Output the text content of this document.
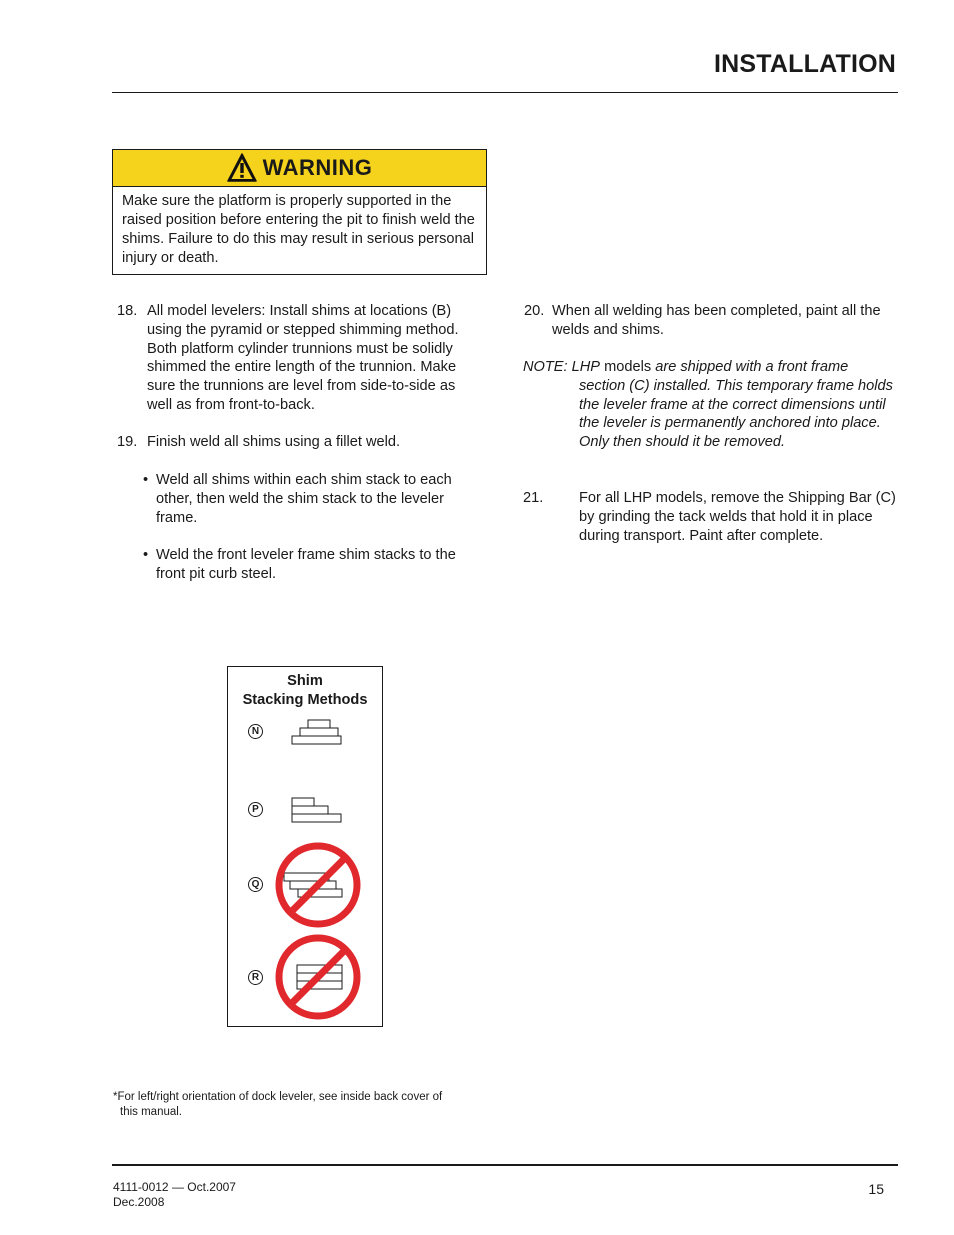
INSTALLATION
WARNING
Make sure the platform is properly supported in the raised position before entering the pit to finish weld the shims. Failure to do this may result in serious personal injury or death.
18. All model levelers: Install shims at locations (B) using the pyramid or stepped shimming method. Both platform cylinder trunnions must be solidly shimmed the entire length of the trunnion. Make sure the trunnions are level from side-to-side as well as from front-to-back.
19. Finish weld all shims using a fillet weld.
• Weld all shims within each shim stack to each other, then weld the shim stack to the leveler frame.
• Weld the front leveler frame shim stacks to the front pit curb steel.
20. When all welding has been completed, paint all the welds and shims.
NOTE: LHP models are shipped with a front frame
section (C) installed. This temporary frame holds the leveler frame at the correct dimensions until the leveler is permanently anchored into place. Only then should it be removed.
21.	For all LHP models, remove the Shipping Bar (C) by grinding the tack welds that hold it in place during transport. Paint after complete.
Shim
Stacking Methods
N
P
Q
R
*For left/right orientation of dock leveler, see inside back cover of
this manual.
4111-0012 — Oct.2007
Dec.2008
15
